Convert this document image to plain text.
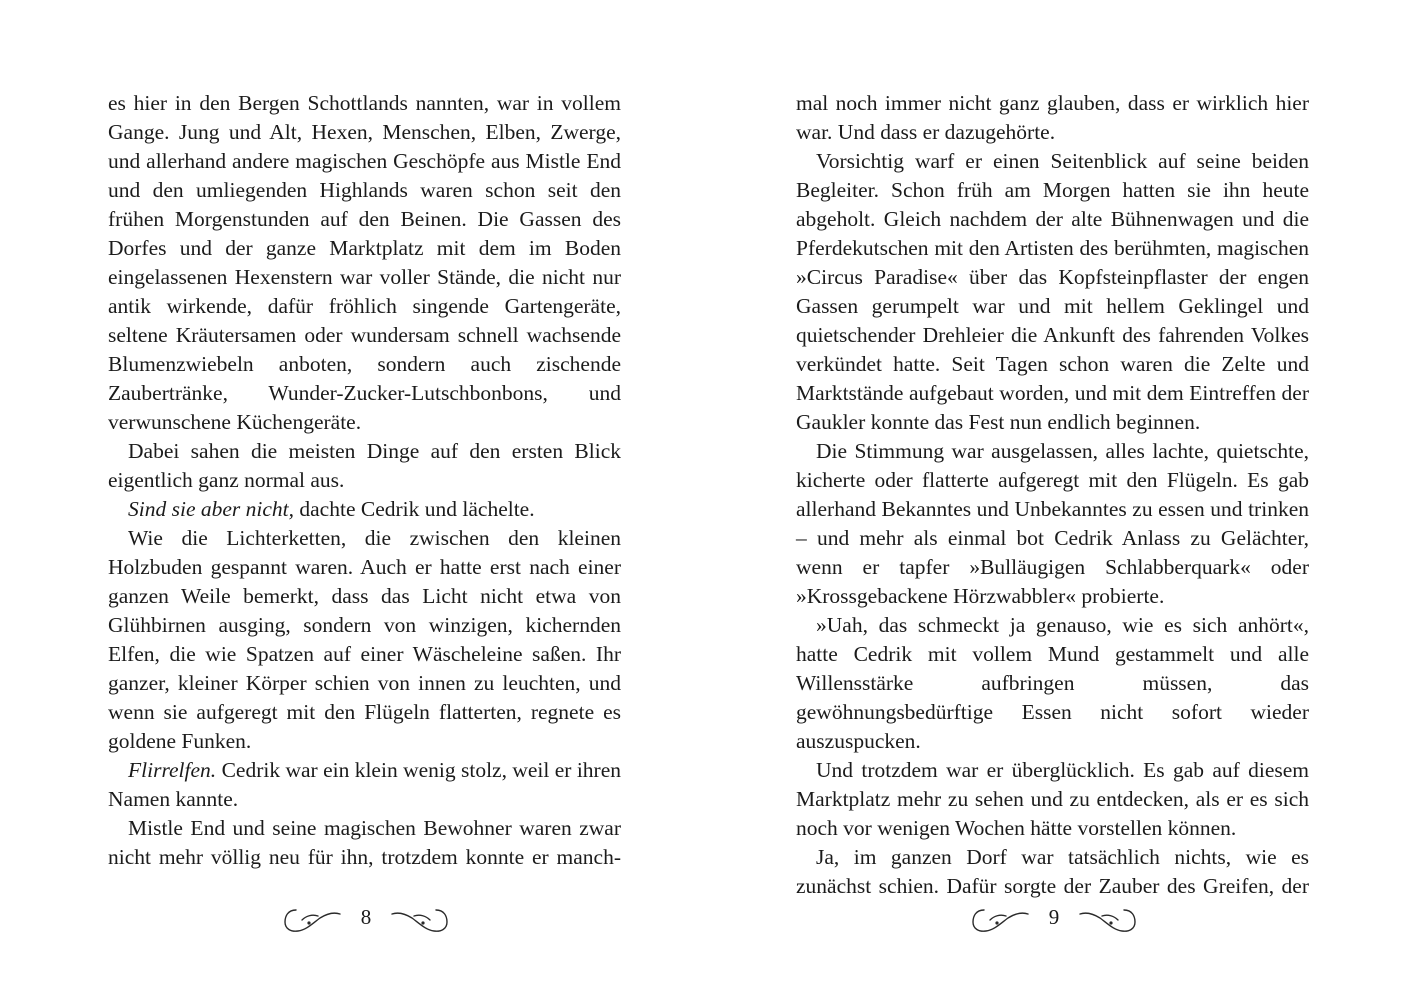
es hier in den Bergen Schottlands nannten, war in vollem Gange. Jung und Alt, Hexen, Menschen, Elben, Zwerge, und allerhand andere magischen Geschöpfe aus Mistle End und den umliegenden Highlands waren schon seit den frühen Morgenstunden auf den Beinen. Die Gassen des Dorfes und der ganze Marktplatz mit dem im Boden eingelassenen Hexenstern war voller Stände, die nicht nur antik wirkende, dafür fröhlich singende Gartengeräte, seltene Kräutersamen oder wundersam schnell wachsende Blumenzwiebeln anboten, sondern auch zischende Zaubertränke, Wunder-Zucker-Lutschbonbons, und verwunschene Küchengeräte.

Dabei sahen die meisten Dinge auf den ersten Blick eigentlich ganz normal aus.

Sind sie aber nicht, dachte Cedrik und lächelte.

Wie die Lichterketten, die zwischen den kleinen Holzbuden gespannt waren. Auch er hatte erst nach einer ganzen Weile bemerkt, dass das Licht nicht etwa von Glühbirnen ausging, sondern von winzigen, kichernden Elfen, die wie Spatzen auf einer Wäscheleine saßen. Ihr ganzer, kleiner Körper schien von innen zu leuchten, und wenn sie aufgeregt mit den Flügeln flatterten, regnete es goldene Funken.

Flirrelfen. Cedrik war ein klein wenig stolz, weil er ihren Namen kannte.

Mistle End und seine magischen Bewohner waren zwar nicht mehr völlig neu für ihn, trotzdem konnte er manch-

8

mal noch immer nicht ganz glauben, dass er wirklich hier war. Und dass er dazugehörte.

Vorsichtig warf er einen Seitenblick auf seine beiden Begleiter. Schon früh am Morgen hatten sie ihn heute abgeholt. Gleich nachdem der alte Bühnenwagen und die Pferdekutschen mit den Artisten des berühmten, magischen »Circus Paradise« über das Kopfsteinpflaster der engen Gassen gerumpelt war und mit hellem Geklingel und quietschender Drehleier die Ankunft des fahrenden Volkes verkündet hatte. Seit Tagen schon waren die Zelte und Marktstände aufgebaut worden, und mit dem Eintreffen der Gaukler konnte das Fest nun endlich beginnen.

Die Stimmung war ausgelassen, alles lachte, quietschte, kicherte oder flatterte aufgeregt mit den Flügeln. Es gab allerhand Bekanntes und Unbekanntes zu essen und trinken – und mehr als einmal bot Cedrik Anlass zu Gelächter, wenn er tapfer »Bulläugigen Schlabberquark« oder »Krossgebackene Hörzwabbler« probierte.

»Uah, das schmeckt ja genauso, wie es sich anhört«, hatte Cedrik mit vollem Mund gestammelt und alle Willensstärke aufbringen müssen, das gewöhnungsbedürftige Essen nicht sofort wieder auszuspucken.

Und trotzdem war er überglücklich. Es gab auf diesem Marktplatz mehr zu sehen und zu entdecken, als er es sich noch vor wenigen Wochen hätte vorstellen können.

Ja, im ganzen Dorf war tatsächlich nichts, wie es zunächst schien. Dafür sorgte der Zauber des Greifen, der

9
